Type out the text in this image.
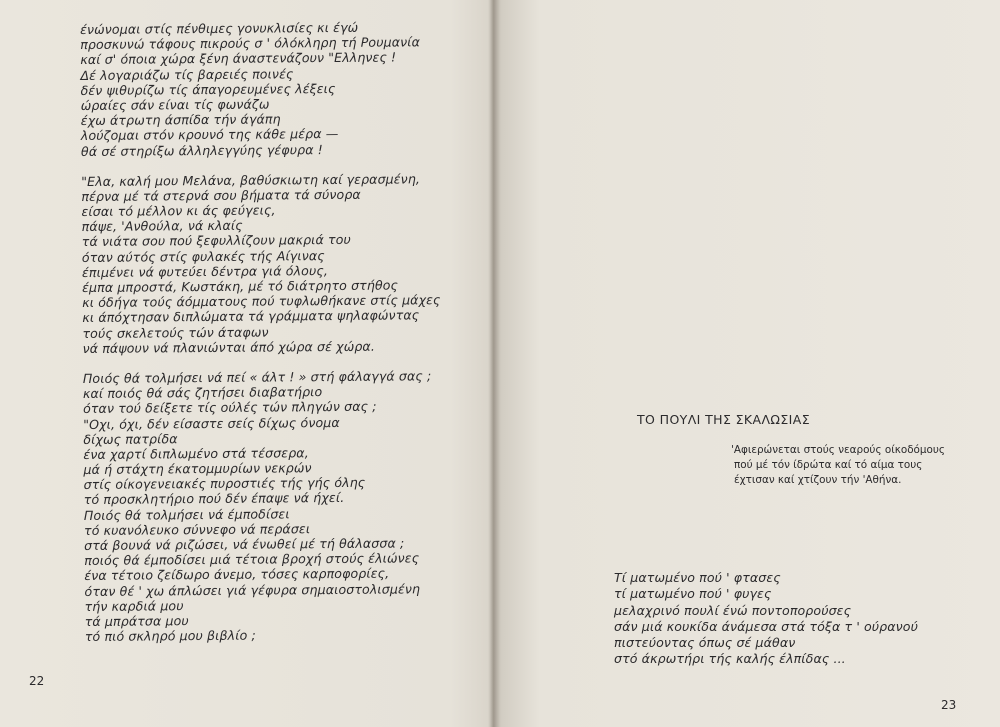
ένώνομαι στίς πένθιμες γονυκλισίες κι έγώ
προσκυνώ τάφους πικρούς σ ' όλόκληρη τή Ρουμανία
καί σ' όποια χώρα ξένη άναστενάζουν "Ελληνες !
Δέ λογαριάζω τίς βαρειές ποινές
δέν ψιθυρίζω τίς άπαγορευμένες λέξεις
ώραίες σάν είναι τίς φωνάζω
έχω άτρωτη άσπίδα τήν άγάπη
λούζομαι στόν κρουνό της κάθε μέρα —
θά σέ στηρίξω άλληλεγγύης γέφυρα !
"Ελα, καλή μου Μελάνα, βαθύσκιωτη καί γερασμένη,
πέρνα μέ τά στερνά σου βήματα τά σύνορα
είσαι τό μέλλον κι άς φεύγεις,
πάψε, 'Ανθούλα, νά κλαίς
τά νιάτα σου πού ξεφυλλίζουν μακριά του
όταν αύτός στίς φυλακές τής Αίγινας
έπιμένει νά φυτεύει δέντρα γιά όλους,
έμπα μπροστά, Κωστάκη, μέ τό διάτρητο στήθος
κι όδήγα τούς άόμματους πού τυφλωθήκανε στίς μάχες
κι άπόχτησαν διπλώματα τά γράμματα ψηλαφώντας
τούς σκελετούς τών άταφων
νά πάψουν νά πλανιώνται άπό χώρα σέ χώρα.
Ποιός θά τολμήσει νά πεί « άλτ ! » στή φάλαγγά σας ;
καί ποιός θά σάς ζητήσει διαβατήριο
όταν τού δείξετε τίς ούλές τών πληγών σας ;
"Οχι, όχι, δέν είσαστε σείς δίχως όνομα
δίχως πατρίδα
ένα χαρτί διπλωμένο στά τέσσερα,
μά ή στάχτη έκατομμυρίων νεκρών
στίς οίκογενειακές πυροστιές τής γής όλης
τό προσκλητήριο πού δέν έπαψε νά ήχεί.
Ποιός θά τολμήσει νά έμποδίσει
τό κυανόλευκο σύννεφο νά περάσει
στά βουνά νά ριζώσει, νά ένωθεί μέ τή θάλασσα ;
ποιός θά έμποδίσει μιά τέτοια βροχή στούς έλιώνες
ένα τέτοιο ζείδωρο άνεμο, τόσες καρποφορίες,
όταν θέ ' χω άπλώσει γιά γέφυρα σημαιοστολισμένη
τήν καρδιά μου
τά μπράτσα μου
τό πιό σκληρό μου βιβλίο ;
22
ΤΟ ΠΟΥΛΙ ΤΗΣ ΣΚΑΛΩΣΙΑΣ
'Αφιερώνεται στούς νεαρούς οίκοδόμους
πού μέ τόν ίδρώτα καί τό αίμα τους
έχτισαν καί χτίζουν τήν 'Αθήνα.
Τί ματωμένο πού ' φτασες
τί ματωμένο πού ' φυγες
μελαχρινό πουλί ένώ ποντοπορούσες
σάν μιά κουκίδα άνάμεσα στά τόξα τ ' ούρανού
πιστεύοντας όπως σέ μάθαν
στό άκρωτήρι τής καλής έλπίδας ...
23
